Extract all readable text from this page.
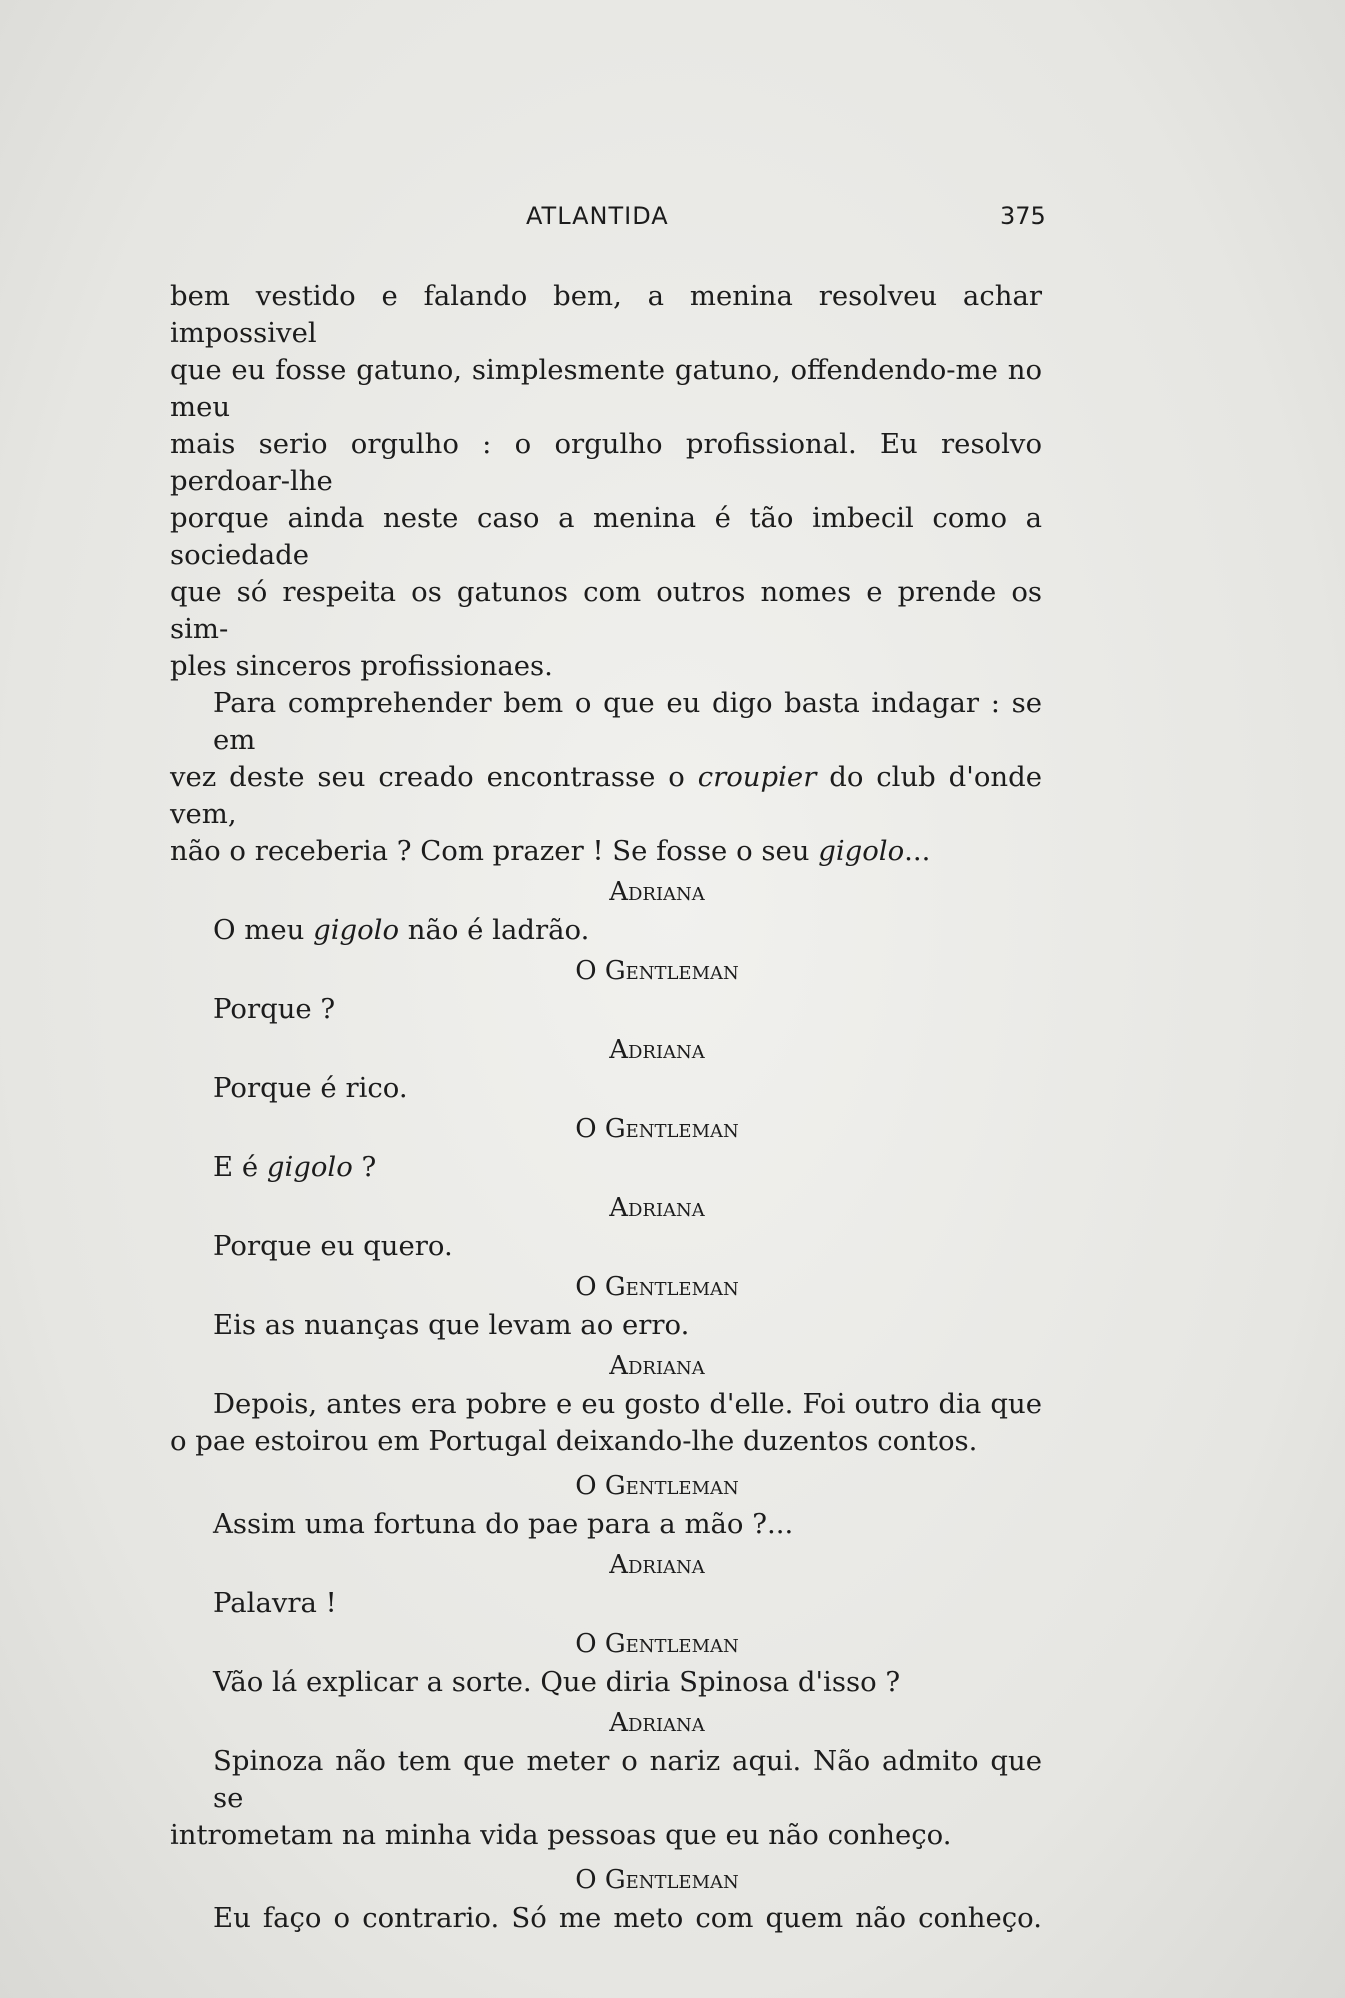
ATLANTIDA	375
bem vestido e falando bem, a menina resolveu achar impossivel
que eu fosse gatuno, simplesmente gatuno, offendendo-me no meu
mais serio orgulho : o orgulho profissional. Eu resolvo perdoar-lhe
porque ainda neste caso a menina é tão imbecil como a sociedade
que só respeita os gatunos com outros nomes e prende os sim-
ples sinceros profissionaes.
Para comprehender bem o que eu digo basta indagar : se em
vez deste seu creado encontrasse o croupier do club d'onde vem,
não o receberia ? Com prazer ! Se fosse o seu gigolo...
Adriana
O meu gigolo não é ladrão.
O Gentleman
Porque ?
Adriana
Porque é rico.
O Gentleman
E é gigolo ?
Adriana
Porque eu quero.
O Gentleman
Eis as nuanças que levam ao erro.
Adriana
Depois, antes era pobre e eu gosto d'elle. Foi outro dia que
o pae estoirou em Portugal deixando-lhe duzentos contos.
O Gentleman
Assim uma fortuna do pae para a mão ?...
Adriana
Palavra !
O Gentleman
Vão lá explicar a sorte. Que diria Spinosa d'isso ?
Adriana
Spinoza não tem que meter o nariz aqui. Não admito que se
intrometam na minha vida pessoas que eu não conheço.
O Gentleman
Eu faço o contrario. Só me meto com quem não conheço.
